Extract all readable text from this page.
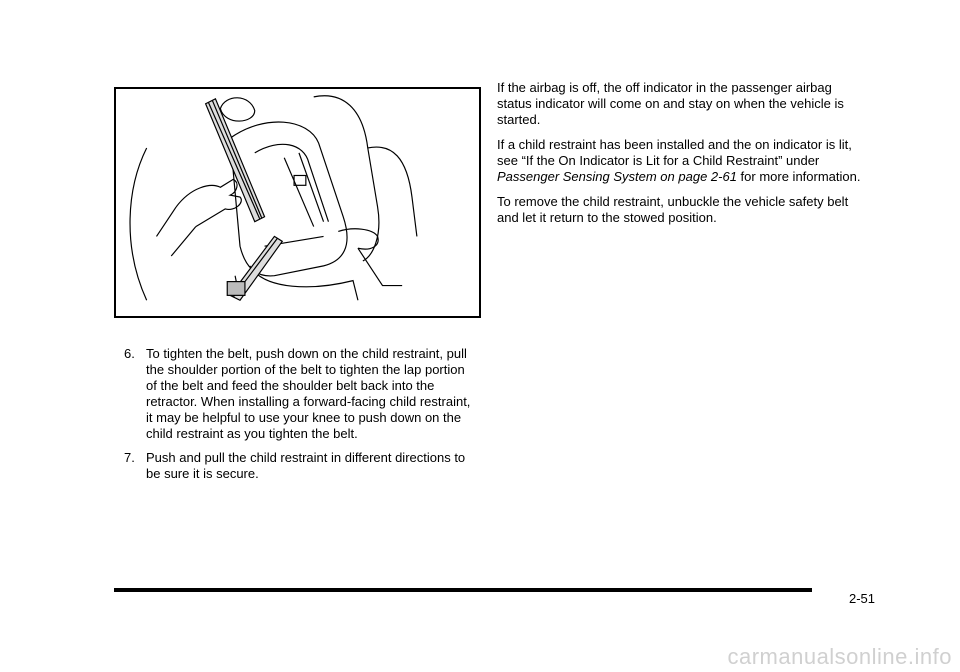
6. To tighten the belt, push down on the child restraint, pull the shoulder portion of the belt to tighten the lap portion of the belt and feed the shoulder belt back into the retractor. When installing a forward-facing child restraint, it may be helpful to use your knee to push down on the child restraint as you tighten the belt.
7. Push and pull the child restraint in different directions to be sure it is secure.

If the airbag is off, the off indicator in the passenger airbag status indicator will come on and stay on when the vehicle is started.

If a child restraint has been installed and the on indicator is lit, see “If the On Indicator is Lit for a Child Restraint” under Passenger Sensing System on page 2-61 for more information.

To remove the child restraint, unbuckle the vehicle safety belt and let it return to the stowed position.

2-51
carmanualsonline.info
